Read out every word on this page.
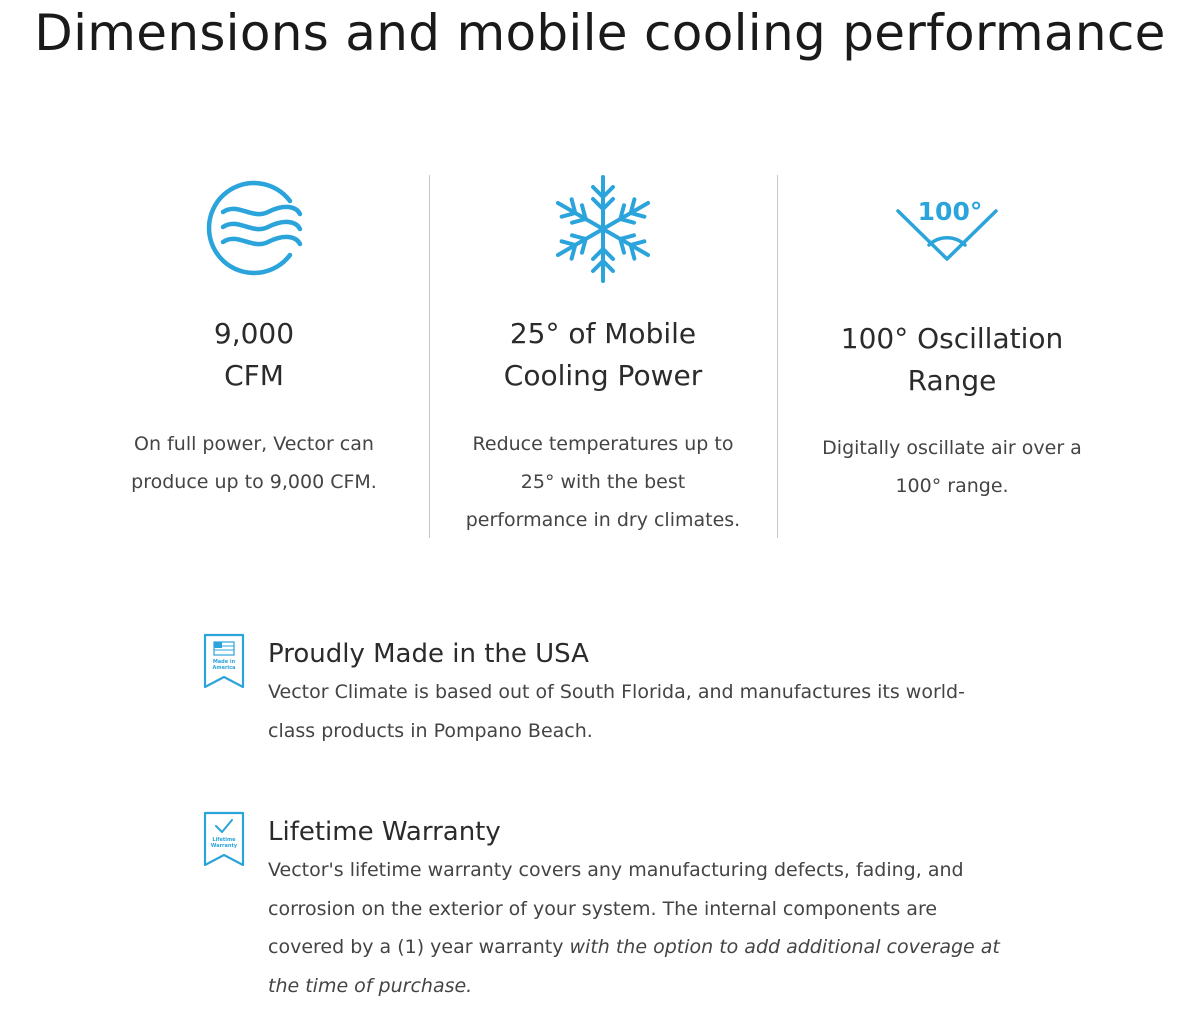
Dimensions and mobile cooling performance
9,000
CFM
On full power, Vector can
produce up to 9,000 CFM.
25° of Mobile
Cooling Power
Reduce temperatures up to
25° with the best
performance in dry climates.
100°
100° Oscillation
Range
Digitally oscillate air over a
100° range.
Made in
America Proudly Made in the USA
Vector Climate is based out of South Florida, and manufactures its world-
class products in Pompano Beach.
Lifetime
Warranty Lifetime Warranty
Vector's lifetime warranty covers any manufacturing defects, fading, and
corrosion on the exterior of your system. The internal components are
covered by a (1) year warranty with the option to add additional coverage at
the time of purchase.
